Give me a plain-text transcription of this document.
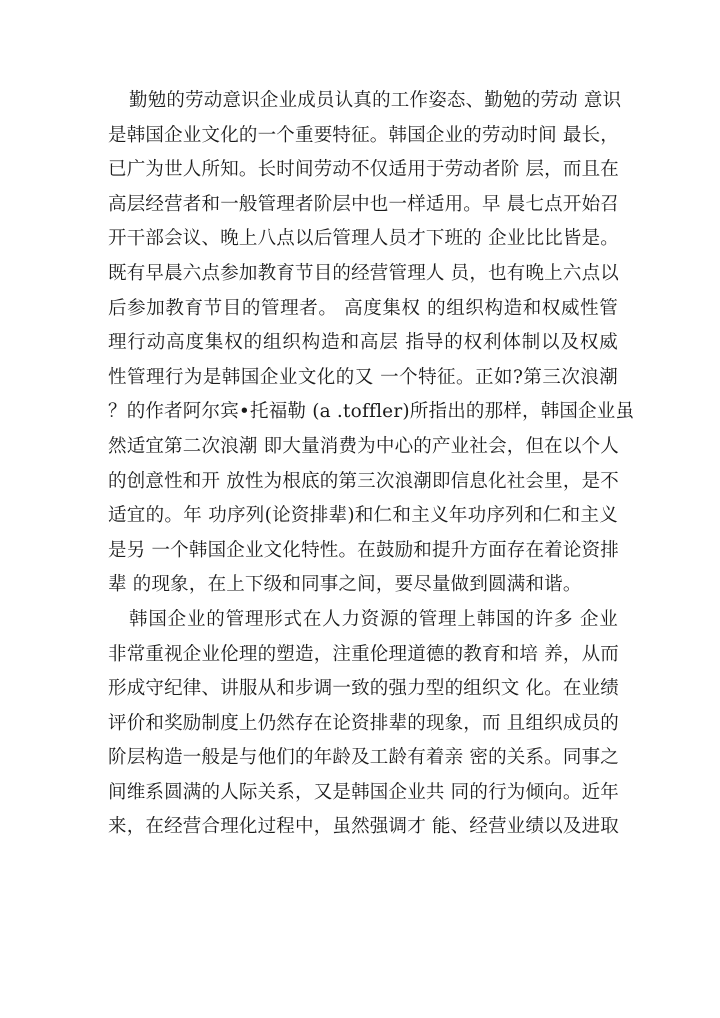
勤勉的劳动意识企业成员认真的工作姿态、勤勉的劳动 意识
是韩国企业文化的一个重要特征。韩国企业的劳动时间 最长，
已广为世人所知。长时间劳动不仅适用于劳动者阶 层，而且在
高层经营者和一般管理者阶层中也一样适用。早 晨七点开始召
开干部会议、晚上八点以后管理人员才下班的 企业比比皆是。
既有早晨六点参加教育节目的经营管理人 员，也有晚上六点以
后参加教育节目的管理者。 高度集权 的组织构造和权威性管
理行动高度集权的组织构造和高层 指导的权利体制以及权威
性管理行为是韩国企业文化的又 一个特征。正如?第三次浪潮
？的作者阿尔宾•托福勒 (a .toffler)所指出的那样，韩国企业虽
然适宜第二次浪潮 即大量消费为中心的产业社会，但在以个人
的创意性和开 放性为根底的第三次浪潮即信息化社会里，是不
适宜的。年 功序列(论资排辈)和仁和主义年功序列和仁和主义
是另 一个韩国企业文化特性。在鼓励和提升方面存在着论资排
辈 的现象，在上下级和同事之间，要尽量做到圆满和谐。
韩国企业的管理形式在人力资源的管理上韩国的许多 企业
非常重视企业伦理的塑造，注重伦理道德的教育和培 养，从而
形成守纪律、讲服从和步调一致的强力型的组织文 化。在业绩
评价和奖励制度上仍然存在论资排辈的现象，而 且组织成员的
阶层构造一般是与他们的年龄及工龄有着亲 密的关系。同事之
间维系圆满的人际关系，又是韩国企业共 同的行为倾向。近年
来，在经营合理化过程中，虽然强调才 能、经营业绩以及进取
